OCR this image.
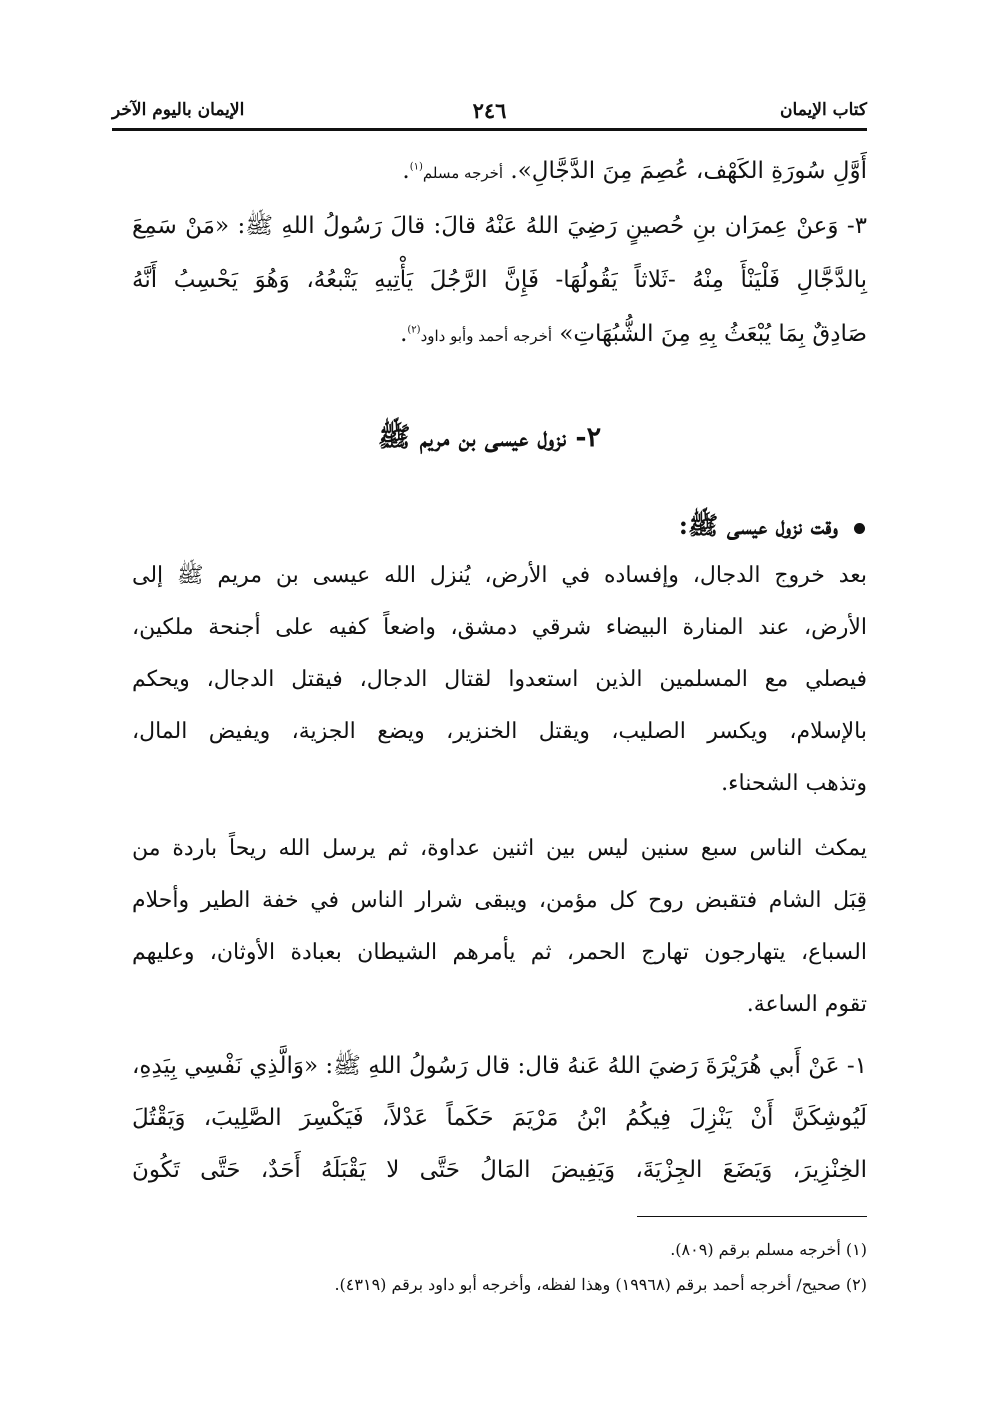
كتاب الإيمان
٢٤٦
الإيمان باليوم الآخر
أَوَّلِ سُورَةِ الكَهْف، عُصِمَ مِنَ الدَّجَّالِ». أخرجه مسلم$^{(١)}$.
٣- وَعنْ عِمرَان بنِ حُصينٍ رَضِيَ اللهُ عَنْهُ قالَ: قالَ رَسُولُ اللهِ ﷺ: «مَنْ سَمِعَ
بِالدَّجَّالِ فَلْيَنْأَ مِنْهُ -ثَلاثاً يَقُولُهَا- فَإِنَّ الرَّجُلَ يَأْتِيهِ يَتْبعُهُ، وَهُوَ يَحْسِبُ أَنَّهُ
صَادِقٌ بِمَا يُبْعَثُ بِهِ مِنَ الشُّبُهَاتِ» أخرجه أحمد وأبو داود$^{(٢)}$.
٢- نزول عيسى بن مريم ﷺ
وقت نزول عيسى ﷺ:
بعد خروج الدجال، وإفساده في الأرض، يُنزل الله عيسى بن مريم ﷺ إلى
الأرض، عند المنارة البيضاء شرقي دمشق، واضعاً كفيه على أجنحة ملكين،
فيصلي مع المسلمين الذين استعدوا لقتال الدجال، فيقتل الدجال، ويحكم
بالإسلام، ويكسر الصليب، ويقتل الخنزير، ويضع الجزية، ويفيض المال،
وتذهب الشحناء.
يمكث الناس سبع سنين ليس بين اثنين عداوة، ثم يرسل الله ريحاً باردة من
قِبَل الشام فتقبض روح كل مؤمن، ويبقى شرار الناس في خفة الطير وأحلام
السباع، يتهارجون تهارج الحمر، ثم يأمرهم الشيطان بعبادة الأوثان، وعليهم
تقوم الساعة.
١- عَنْ أَبي هُرَيْرَةَ رَضيَ اللهُ عَنهُ قال: قال رَسُولُ اللهِ ﷺ: «وَالَّذِي نَفْسِي بِيَدِهِ،
لَيُوشِكَنَّ أَنْ يَنْزِلَ فِيكُمُ ابْنُ مَرْيَمَ حَكَماً عَدْلاً، فَيَكْسِرَ الصَّلِيبَ، وَيَقْتُلَ
الخِنْزِيرَ، وَيَضَعَ الجِزْيَةَ، وَيَفِيضَ المَالُ حَتَّى لا يَقْبَلَهُ أَحَدٌ، حَتَّى تَكُونَ
(١) أخرجه مسلم برقم (٨٠٩).
(٢) صحيح/ أخرجه أحمد برقم (١٩٩٦٨) وهذا لفظه، وأخرجه أبو داود برقم (٤٣١٩).
